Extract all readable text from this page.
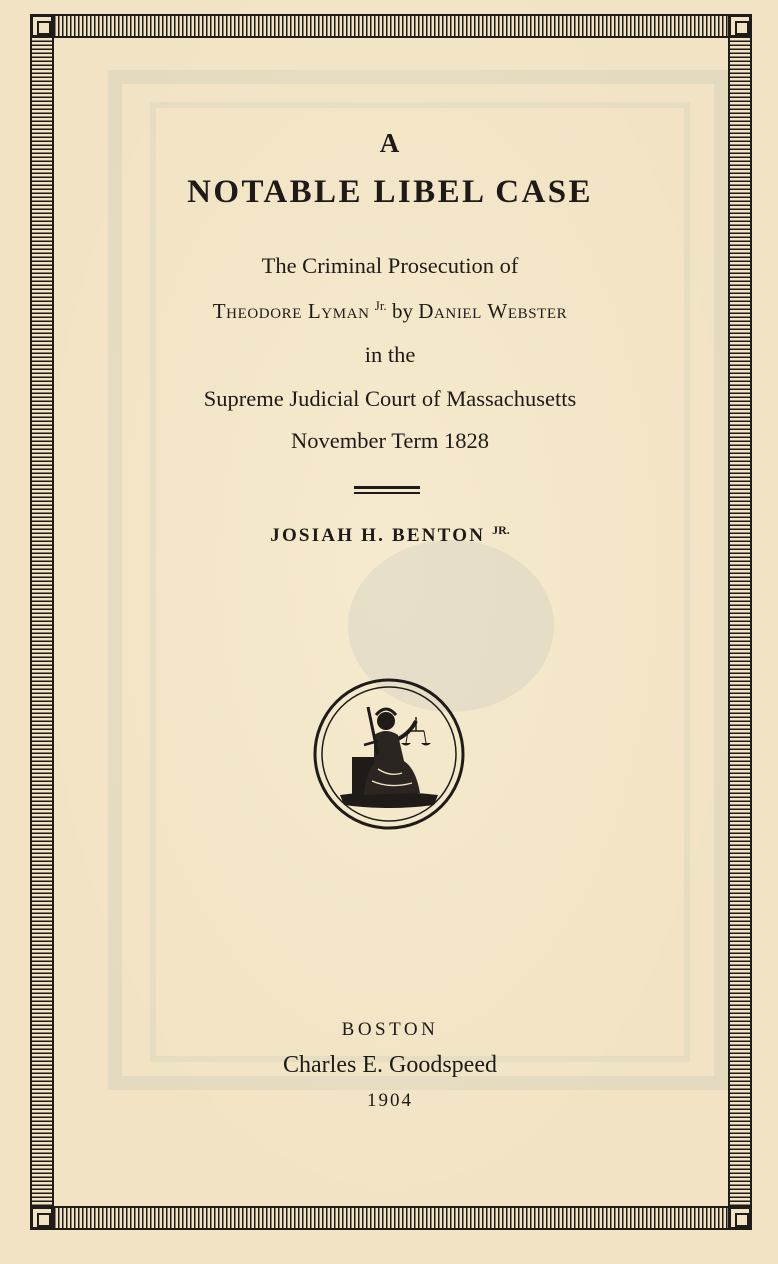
A
NOTABLE LIBEL CASE
The Criminal Prosecution of
Theodore Lyman $^{Jr.}$ by Daniel Webster
in the
Supreme Judicial Court of Massachusetts
November Term 1828
JOSIAH H. BENTON $^{JR.}$
BOSTON
Charles E. Goodspeed
1904
